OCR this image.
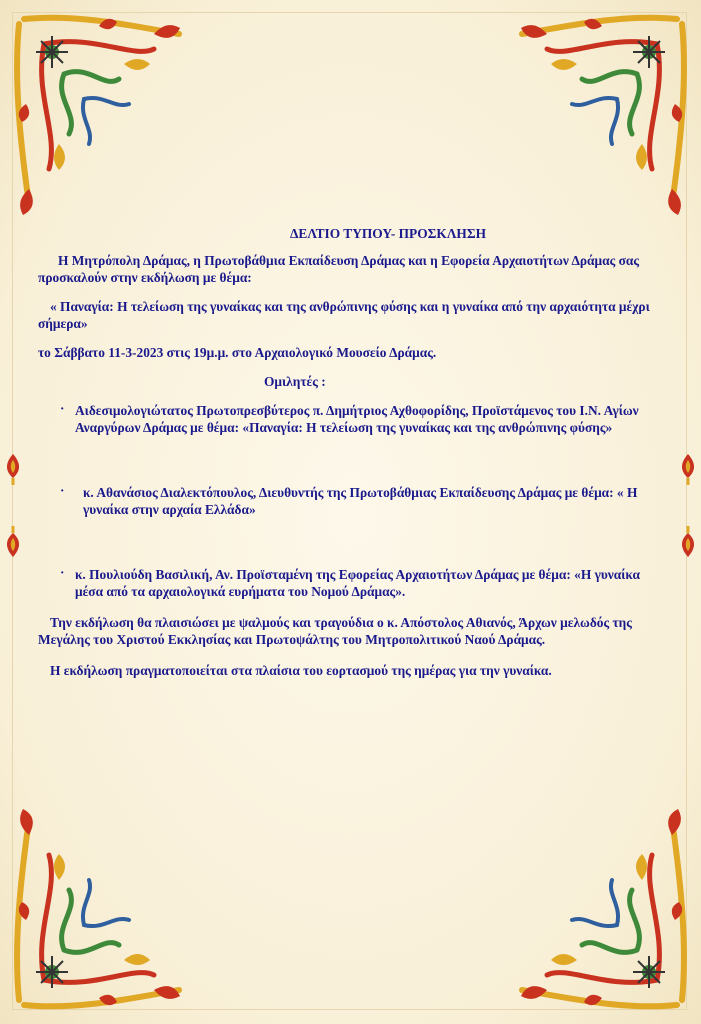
ΔΕΛΤΙΟ ΤΥΠΟΥ- ΠΡΟΣΚΛΗΣΗ

Η Μητρόπολη Δράμας, η Πρωτοβάθμια Εκπαίδευση Δράμας και η Εφορεία Αρχαιοτήτων Δράμας σας προσκαλούν στην εκδήλωση με θέμα:

« Παναγία: Η τελείωση της γυναίκας και της ανθρώπινης φύσης και η γυναίκα από την αρχαιότητα μέχρι σήμερα»

το Σάββατο 11-3-2023 στις 19μ.μ. στο Αρχαιολογικό Μουσείο Δράμας.

Ομιλητές :

· Αιδεσιμολογιώτατος Πρωτοπρεσβύτερος π. Δημήτριος Αχθοφορίδης, Προϊστάμενος του Ι.Ν. Αγίων Αναργύρων Δράμας με θέμα: «Παναγία: Η τελείωση της γυναίκας και της ανθρώπινης φύσης»
·	κ. Αθανάσιος Διαλεκτόπουλος, Διευθυντής της Πρωτοβάθμιας Εκπαίδευσης Δράμας με θέμα: « Η γυναίκα στην αρχαία Ελλάδα»
· κ. Πουλιούδη Βασιλική, Αν. Προϊσταμένη της Εφορείας Αρχαιοτήτων Δράμας με θέμα: «Η γυναίκα μέσα από τα αρχαιολογικά ευρήματα του Νομού Δράμας».

Την εκδήλωση θα πλαισιώσει με ψαλμούς και τραγούδια ο κ. Απόστολος Αθιανός, Άρχων μελωδός της Μεγάλης του Χριστού Εκκλησίας και Πρωτοψάλτης του Μητροπολιτικού Ναού Δράμας.

Η εκδήλωση πραγματοποιείται στα πλαίσια του εορτασμού της ημέρας για την γυναίκα.
